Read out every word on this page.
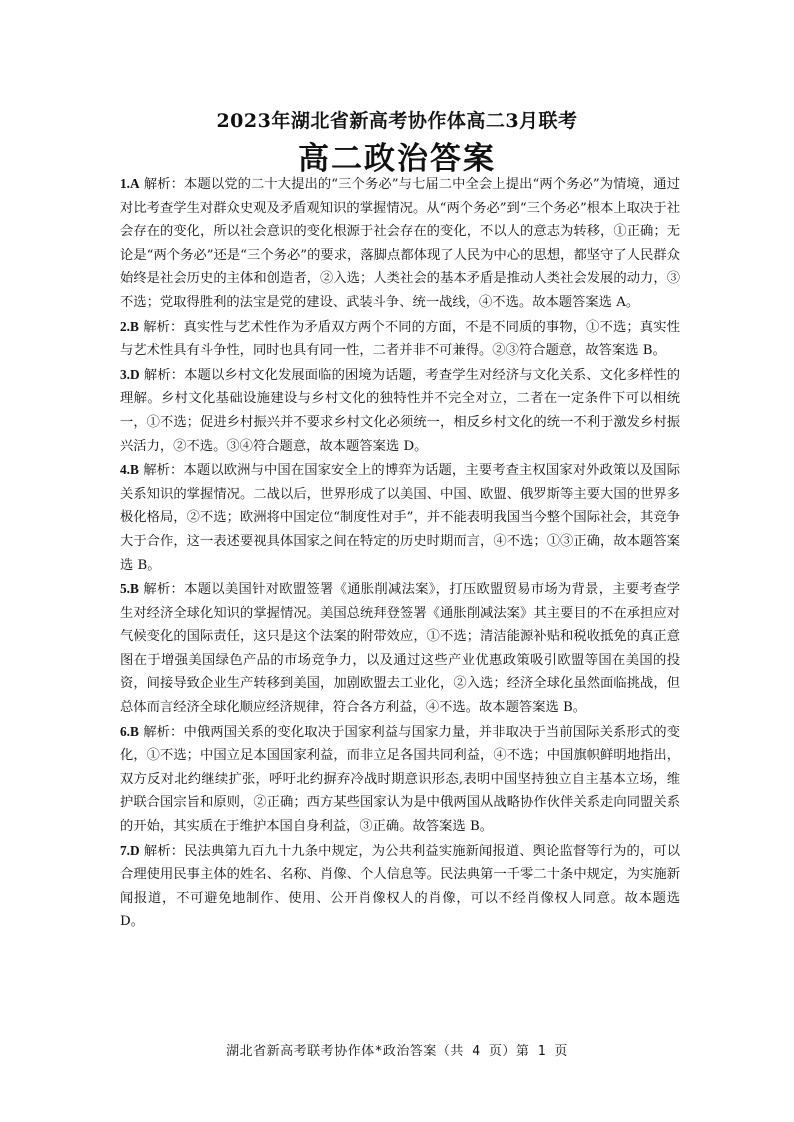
2023年湖北省新高考协作体高二3月联考
高二政治答案

1.A 解析：本题以党的二十大提出的“三个务必”与七届二中全会上提出“两个务必”为情境，通过对比考查学生对群众史观及矛盾观知识的掌握情况。从“两个务必”到“三个务必”根本上取决于社会存在的变化，所以社会意识的变化根源于社会存在的变化，不以人的意志为转移，①正确；无论是“两个务必”还是“三个务必”的要求，落脚点都体现了人民为中心的思想，都坚守了人民群众始终是社会历史的主体和创造者，②入选；人类社会的基本矛盾是推动人类社会发展的动力，③不选；党取得胜利的法宝是党的建设、武装斗争、统一战线，④不选。故本题答案选 A。

2.B 解析：真实性与艺术性作为矛盾双方两个不同的方面，不是不同质的事物，①不选；真实性与艺术性具有斗争性，同时也具有同一性，二者并非不可兼得。②③符合题意，故答案选 B。

3.D 解析：本题以乡村文化发展面临的困境为话题，考查学生对经济与文化关系、文化多样性的理解。乡村文化基础设施建设与乡村文化的独特性并不完全对立，二者在一定条件下可以相统一，①不选；促进乡村振兴并不要求乡村文化必须统一，相反乡村文化的统一不利于激发乡村振兴活力，②不选。③④符合题意，故本题答案选 D。

4.B 解析：本题以欧洲与中国在国家安全上的博弈为话题，主要考查主权国家对外政策以及国际关系知识的掌握情况。二战以后，世界形成了以美国、中国、欧盟、俄罗斯等主要大国的世界多极化格局，②不选；欧洲将中国定位“制度性对手”，并不能表明我国当今整个国际社会，其竞争大于合作，这一表述要视具体国家之间在特定的历史时期而言，④不选；①③正确，故本题答案选 B。

5.B 解析：本题以美国针对欧盟签署《通胀削减法案》，打压欧盟贸易市场为背景，主要考查学生对经济全球化知识的掌握情况。美国总统拜登签署《通胀削减法案》其主要目的不在承担应对气候变化的国际责任，这只是这个法案的附带效应，①不选；清洁能源补贴和税收抵免的真正意图在于增强美国绿色产品的市场竞争力，以及通过这些产业优惠政策吸引欧盟等国在美国的投资，间接导致企业生产转移到美国，加剧欧盟去工业化，②入选；经济全球化虽然面临挑战，但总体而言经济全球化顺应经济规律，符合各方利益，④不选。故本题答案选 B。

6.B 解析：中俄两国关系的变化取决于国家利益与国家力量，并非取决于当前国际关系形式的变化，①不选；中国立足本国国家利益，而非立足各国共同利益，④不选；中国旗帜鲜明地指出，双方反对北约继续扩张，呼吁北约摒弃冷战时期意识形态,表明中国坚持独立自主基本立场，维护联合国宗旨和原则，②正确；西方某些国家认为是中俄两国从战略协作伙伴关系走向同盟关系的开始，其实质在于维护本国自身利益，③正确。故答案选 B。

7.D 解析：民法典第九百九十九条中规定，为公共利益实施新闻报道、舆论监督等行为的，可以合理使用民事主体的姓名、名称、肖像、个人信息等。民法典第一千零二十条中规定，为实施新闻报道，不可避免地制作、使用、公开肖像权人的肖像，可以不经肖像权人同意。故本题选 D。

湖北省新高考联考协作体*政治答案（共 4 页）第 1 页
